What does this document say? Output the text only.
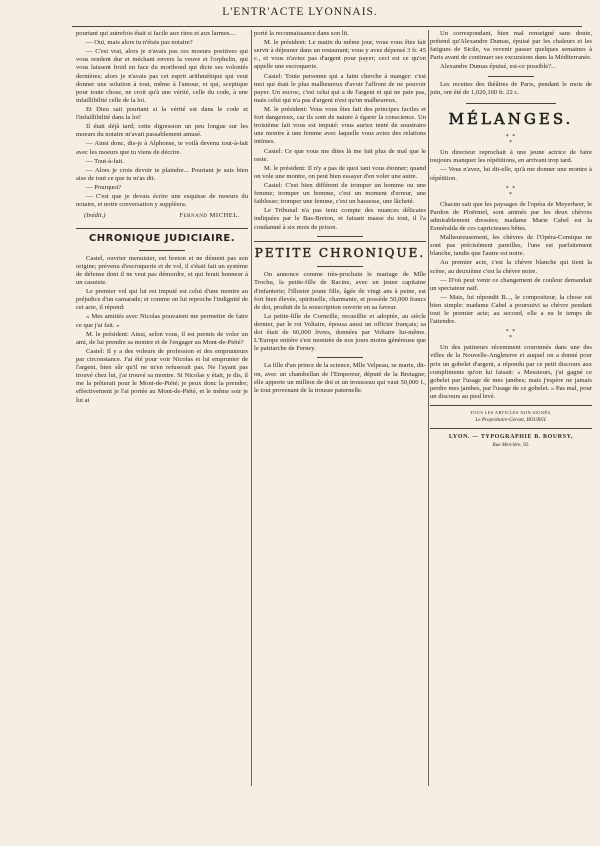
L'ENTR'ACTE LYONNAIS.

pourtant qui autrefois était si facile aux rires et aux larmes....

— Oui, mais alors tu n'étais pas notaire?

— C'est vrai, alors je n'avais pas ces moeurs positives qui vous rendent dur et méchant envers la veuve et l'orphelin, qui vous laissent froid en face du moribond qui dicte ses volontés dernières; alors je n'avais pas cet esprit arithmétique qui veut donner une solution à tout, même à l'amour, et qui, sceptique pour toute chose, ne croit qu'à une vérité, celle du code, à une infaillibilité celle de la loi.

Et Dieu sait pourtant si la vérité est dans le code et l'infaillibilité dans la loi!

Il était déjà tard; cette digression un peu longue sur les moeurs du notaire m'avait passablement amusé.

— Ainsi donc, dis-je à Alphonse, te voilà devenu tout-à-fait avec les moeurs que tu viens de décrire.

— Tout-à-fait.

— Alors je crois devoir te plaindre... Pourtant je suis bien aise de tout ce que tu m'as dit.

— Pourquoi?

— C'est que je devais écrire une esquisse de moeurs du notaire, et notre conversation y suppléera.

(Inédit.)	Fernand MICHEL.
CHRONIQUE JUDICIAIRE.

Castel, ouvrier menuisier, est breton et ne dément pas son origine; prévenu d'escroquerie et de vol, il s'était fait un système de défense dont il ne veut pas démordre, et qui ferait honneur à un casuiste.

Le premier vol qui lui est imputé est celui d'une montre au préjudice d'un camarade; et comme on lui reproche l'indignité de cet acte, il répond:

« Mes amitiés avec Nicolas pouvaient me permettre de faire ce que j'ai fait. »

M. le président: Ainsi, selon vous, il est permis de voler un ami, de lui prendre sa montre et de l'engager au Mont-de-Piété?

Castel: Il y a des voleurs de profession et des emprunteurs par circonstance. J'ai été pour voir Nicolas et lui emprunter de l'argent, bien sûr qu'il ne m'en refuserait pas. Ne l'ayant pas trouvé chez lui, j'ai trouvé sa montre. Si Nicolas y était, je dis, il me la prêterait pour le Mont-de-Piété; je peux donc la prendre; effectivement je l'ai portée au Mont-de-Piété, et le même soir je lui ai

porté la reconnaissance dans son lit.

M. le président: Le matin du même jour, vous vous êtes fait servir à déjeuner dans un restaurant; vous y avez dépensé 3 fr. 45 c., et vous n'aviez pas d'argent pour payer; ceci est ce qu'on appelle une escroquerie.

Castel: Toute personne qui a faim cherche à manger: c'est moi qui était le plus malheureux d'avoir l'affront de ne pouvoir payer. Un escroc, c'est celui qui a de l'argent et qui ne paie pas, mais celui qui n'a pas d'argent n'est qu'un malheureux.

M. le président: Vous vous êtes fait des principes faciles et fort dangereux, car ils sont de nature à égarer la conscience. Un troisième fait vous est imputé: vous auriez tenté de soustraire une montre à une femme avec laquelle vous aviez des relations intimes.

Castel: Ce que vous me dites là me fait plus de mal que le reste.

M. le président: Il n'y a pas de quoi tant vous étonner; quand on vole une montre, on peut bien essayer d'en voler une autre.

Castel: C'est bien différent de tromper un homme ou une femme; tromper un homme, c'est un moment d'erreur, une faiblesse; tromper une femme, c'est un bassesse, une lâcheté.

Le Tribunal n'a pas tenu compte des nuances délicates indiquées par le Bas-Breton, et faisant masse du tout, il l'a condamné à six mois de prison.

PETITE CHRONIQUE.

On annonce comme très-prochain le mariage de Mlle Trochu, la petite-fille de Racine, avec un jeune capitaine d'infanterie; l'illustre jeune fille, âgée de vingt ans à peine, est fort bien élevée, spirituelle, charmante, et possède 50,000 francs de dot, produit de la souscription ouverte en sa faveur.

La petite-fille de Corneille, recueillie et adoptée, au siècle dernier, par le roi Voltaire, épousa aussi un officier français; sa dot était de 60,000 livres, données par Voltaire lui-même. L'Europe entière s'est montrée de nos jours moins généreuse que le patriarche de Ferney.

La fille d'un prince de la science, Mlle Velpeau, se marie, dit-on, avec un chambellan de l'Empereur, député de la Bretagne; elle apporte un million de dot et un trousseau qui vaut 50,000 f., le tout provenant de la trousse paternelle.

Un correspondant, bien mal renseigné sans doute, prétend qu'Alexandre Dumas, épuisé par les chaleurs et les fatigues de Sicile, va revenir passer quelques semaines à Paris avant de continuer ses excursions dans la Méditerranée.

Alexandre Dumas épuisé, est-ce possible?...

Les recettes des théâtres de Paris, pendant le mois de juin, ont été de 1,020,160 fr. 22 c.

MÉLANGES.
* *
*

Un directeur reprochait à une jeune actrice de faire toujours manquer les répétitions, en arrivant trop tard.

— Vous n'avez, lui dit-elle, qu'à me donner une montre à répétition.

* *
*

Chacun sait que les paysages de l'opéra de Meyerbeer, le Pardon de Ploërmel, sont animés par les deux chèvres admirablement dressées; madame Marie Cabel est la Esméralda de ces capricieuses bêtes.

Malheureusement, les chèvres de l'Opéra-Comique ne sont pas précisément pareilles, l'une est parfaitement blanche, tandis que l'autre est noire.

Au premier acte, c'est la chèvre blanche qui tient la scène, au deuxième c'est la chèvre noire.

— D'où peut venir ce changement de couleur demandait un spectateur naïf.

— Mais, lui répondit B..., le compositeur, la chose est bien simple: madame Cabel a poursuivi sa chèvre pendant tout le premier acte; au second, elle a eu le temps de l'attendre.

* *
*

Un des patineurs récemment couronnés dans une des villes de la Nouvelle-Angleterre et auquel on a donné pour prix un gobelet d'argent, a répondu par ce petit discours aux compliments qu'on lui faisait: « Messieurs, j'ai gagné ce gobelet par l'usage de mes jambes; mais j'espère ne jamais perdre mes jambes, par l'usage de ce gobelet. » Pas mal, pour un discours au pied levé.

TOUS LES ARTICLES NON SIGNÉS,
Le Propriétaire-Gérant, BOURSY.
LYON. — TYPOGRAPHIE B. BOURSY,
Rue Mercière, 92.
